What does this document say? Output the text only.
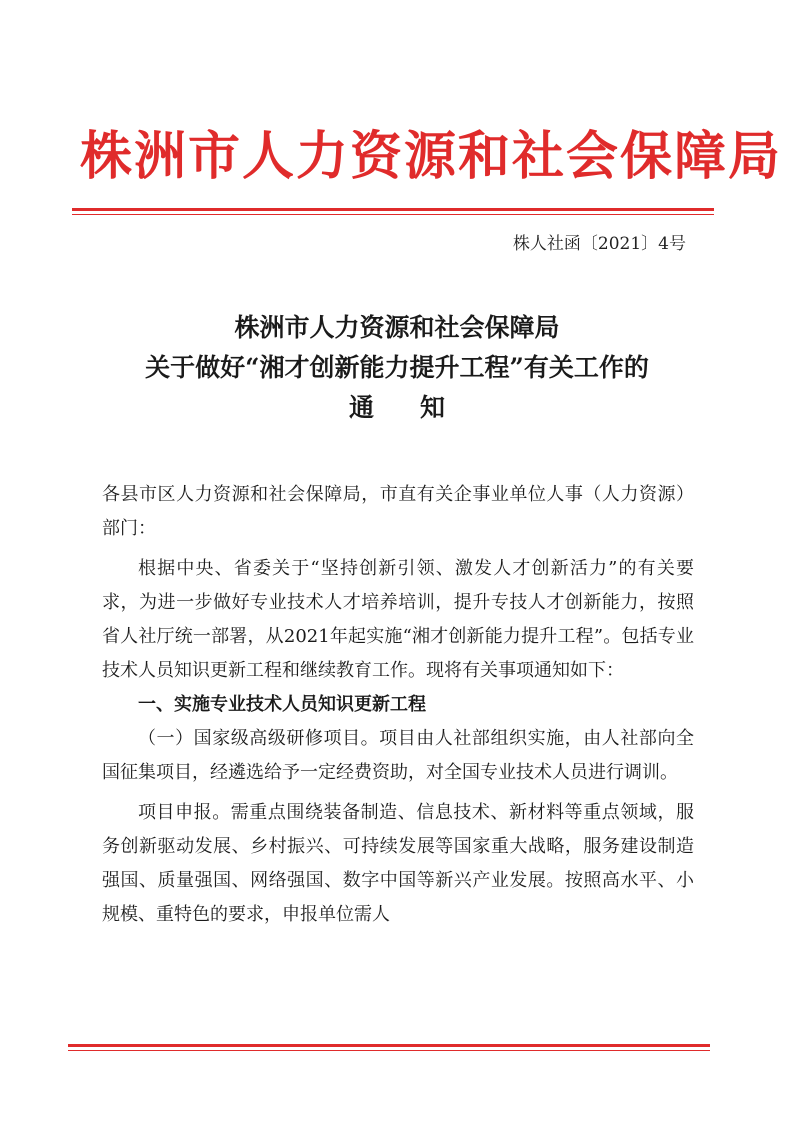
株洲市人力资源和社会保障局
株人社函〔2021〕4号
株洲市人力资源和社会保障局
关于做好“湘才创新能力提升工程”有关工作的
通知

各县市区人力资源和社会保障局，市直有关企事业单位人事（人力资源）部门：

根据中央、省委关于“坚持创新引领、激发人才创新活力”的有关要求，为进一步做好专业技术人才培养培训，提升专技人才创新能力，按照省人社厅统一部署，从2021年起实施“湘才创新能力提升工程”。包括专业技术人员知识更新工程和继续教育工作。现将有关事项通知如下：

一、实施专业技术人员知识更新工程

（一）国家级高级研修项目。项目由人社部组织实施，由人社部向全国征集项目，经遴选给予一定经费资助，对全国专业技术人员进行调训。

项目申报。需重点围绕装备制造、信息技术、新材料等重点领域，服务创新驱动发展、乡村振兴、可持续发展等国家重大战略，服务建设制造强国、质量强国、网络强国、数字中国等新兴产业发展。按照高水平、小规模、重特色的要求，申报单位需人
